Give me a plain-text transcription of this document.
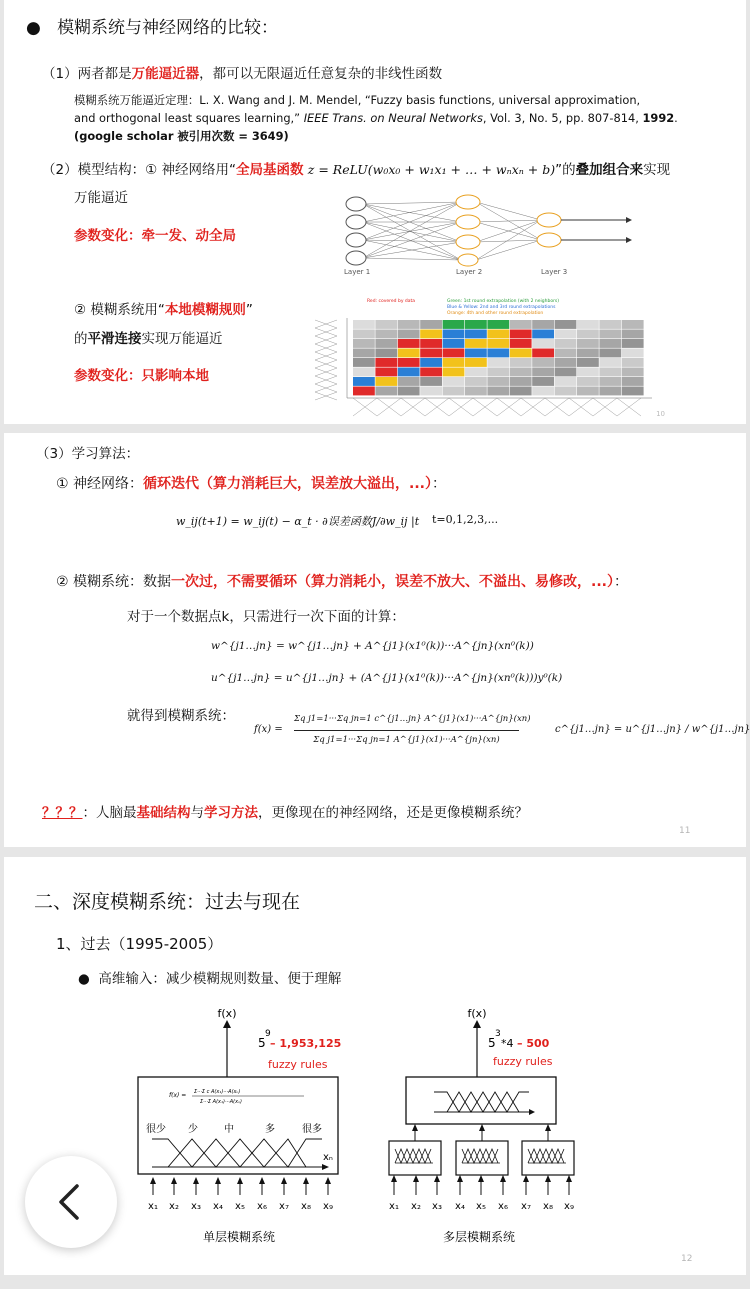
● 模糊系统与神经网络的比较：
（1）两者都是万能逼近器，都可以无限逼近任意复杂的非线性函数
模糊系统万能逼近定理：L. X. Wang and J. M. Mendel, “Fuzzy basis functions, universal approximation,
and orthogonal least squares learning,” IEEE Trans. on Neural Networks, Vol. 3, No. 5, pp. 807-814, 1992.
(google scholar 被引用次数 = 3649)
（2）模型结构：① 神经网络用“全局基函数 z = ReLU(w₀x₀ + w₁x₁ + … + wₙxₙ + b)”的叠加组合来实现
万能逼近
参数变化：牵一发、动全局
Layer 1	Layer 2	Layer 3
② 模糊系统用“本地模糊规则”
的平滑连接实现万能逼近
参数变化：只影响本地
Red: covered by data	Green: 1st round extrapolation (with 2 neighbors)
Blue & Yellow: 2nd and 3rd round extrapolations
Orange: 4th and other round extrapolation
10
（3）学习算法：
① 神经网络：循环迭代（算力消耗巨大，误差放大溢出，...）：
w_ij(t+1) = w_ij(t) − α_t · ∂误差函数J/∂w_ij |t t=0,1,2,3,...
② 模糊系统：数据一次过，不需要循环（算力消耗小，误差不放大、不溢出、易修改，...）：
对于一个数据点k，只需进行一次下面的计算：
w^{j1…jn} = w^{j1…jn} + A^{j1}(x1⁰(k))···A^{jn}(xn⁰(k))
u^{j1…jn} = u^{j1…jn} + (A^{j1}(x1⁰(k))···A^{jn}(xn⁰(k)))y⁰(k)
就得到模糊系统：
f(x) =
Σq j1=1···Σq jn=1 c^{j1…jn} A^{j1}(x1)···A^{jn}(xn)
Σq j1=1···Σq jn=1 A^{j1}(x1)···A^{jn}(xn)
c^{j1…jn} = u^{j1…jn} / w^{j1…jn}
？？？：人脑最基础结构与学习方法，更像现在的神经网络，还是更像模糊系统？
11
二、深度模糊系统：过去与现在
1、过去（1995-2005）
●  高维输入：减少模糊规则数量、便于理解
f(x)
5
9
– 1,953,125
fuzzy rules
f(x) = Σ···Σ c A(x₁)···A(xₙ)
Σ···Σ A(x₁)···A(xₙ)
很少 少	中	多	很多
xₙ
x₁ x₂ x₃ x₄ x₅ x₆ x₇ x₈ x₉
单层模糊系统
f(x)
5
3
*4 – 500
fuzzy rules
x₁ x₂ x₃ x₄ x₅ x₆ x₇ x₈ x₉
多层模糊系统
12
